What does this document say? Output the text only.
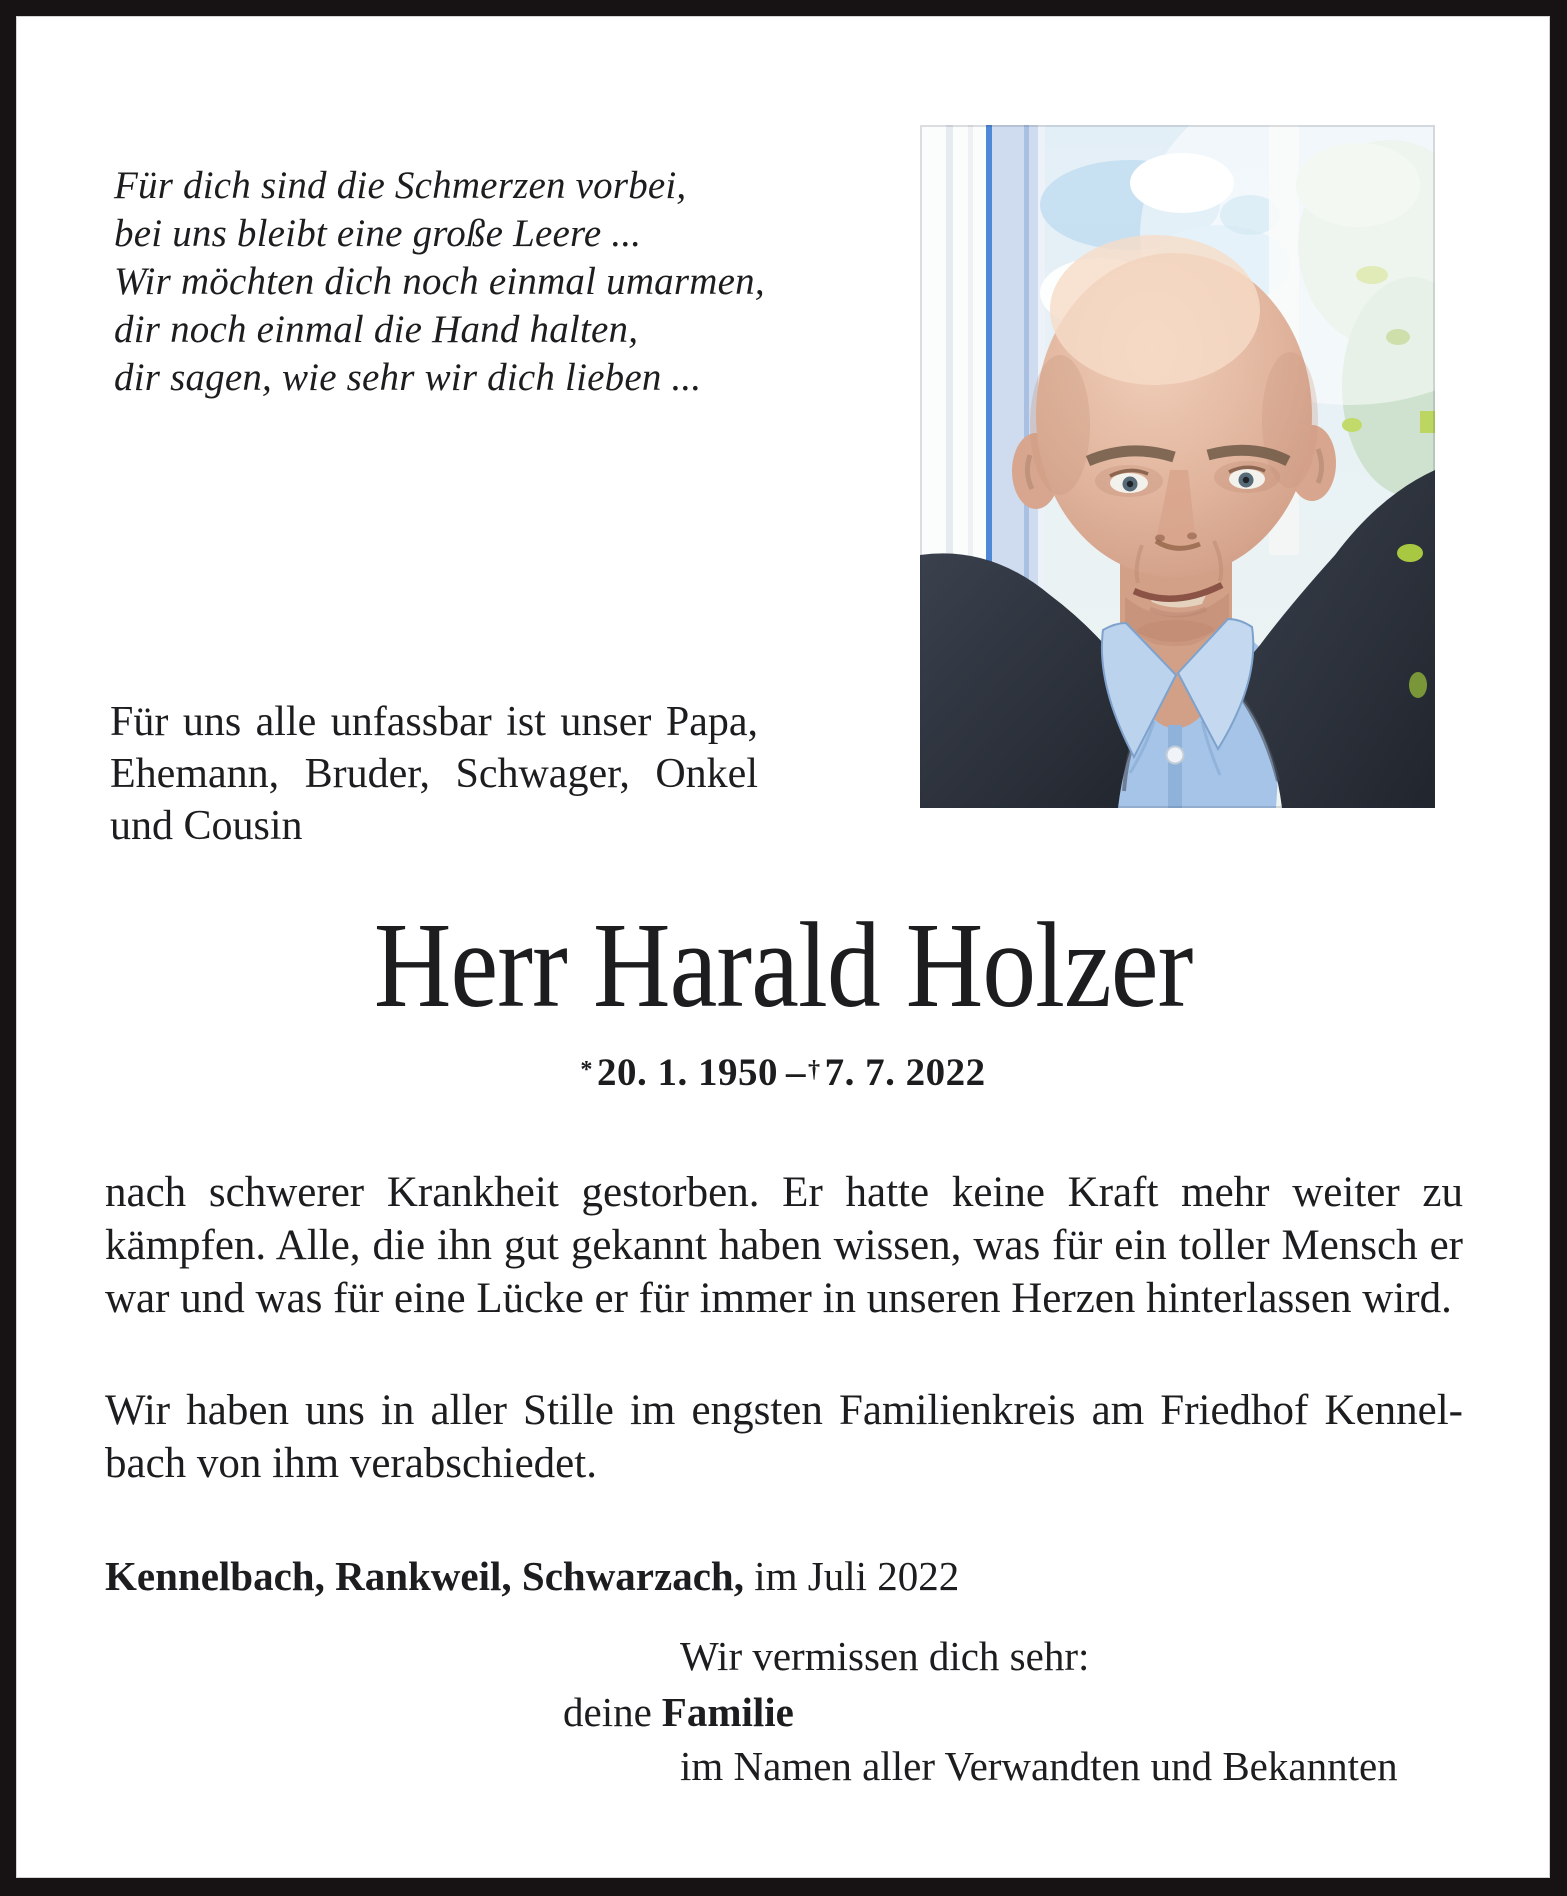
Für dich sind die Schmerzen vorbei,
bei uns bleibt eine große Leere ...
Wir möchten dich noch einmal umarmen,
dir noch einmal die Hand halten,
dir sagen, wie sehr wir dich lieben ...
Für uns alle unfassbar ist unser Papa,
Ehemann, Bruder, Schwager, Onkel
und Cousin
Herr Harald Holzer
* 20. 1. 1950 –† 7. 7. 2022
nach schwerer Krankheit gestorben. Er hatte keine Kraft mehr weiter zu kämpfen. Alle, die ihn gut gekannt haben wissen, was für ein toller Mensch er war und was für eine Lücke er für immer in unseren Herzen hinterlassen wird.
Wir haben uns in aller Stille im engsten Familienkreis am Friedhof Kennel-
bach von ihm verabschiedet.
Kennelbach, Rankweil, Schwarzach, im Juli 2022
Wir vermissen dich sehr:
deine Familie
im Namen aller Verwandten und Bekannten
